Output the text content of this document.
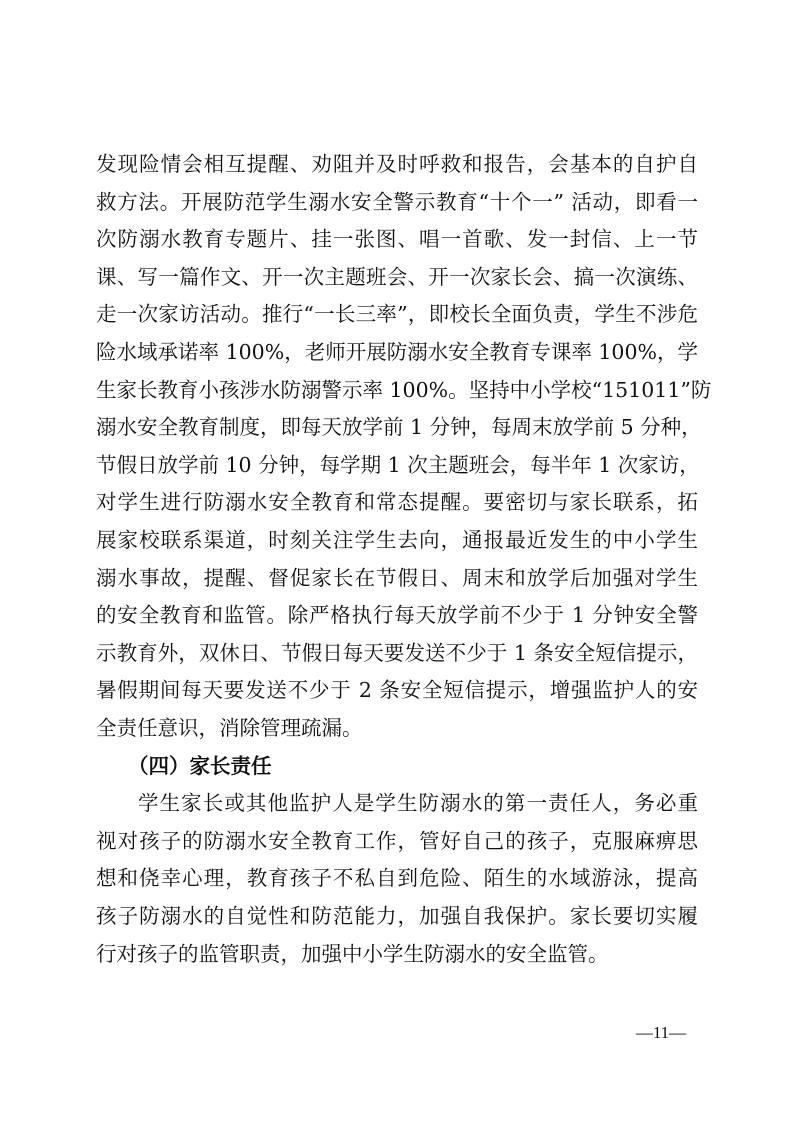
发现险情会相互提醒、劝阻并及时呼救和报告，会基本的自护自
救方法。开展防范学生溺水安全警示教育“十个一” 活动，即看一
次防溺水教育专题片、挂一张图、唱一首歌、发一封信、上一节
课、写一篇作文、开一次主题班会、开一次家长会、搞一次演练、
走一次家访活动。推行“一长三率”，即校长全面负责，学生不涉危
险水域承诺率 100%，老师开展防溺水安全教育专课率 100%，学
生家长教育小孩涉水防溺警示率 100%。坚持中小学校“151011”防
溺水安全教育制度，即每天放学前 1 分钟，每周末放学前 5 分种，
节假日放学前 10 分钟，每学期 1 次主题班会，每半年 1 次家访，
对学生进行防溺水安全教育和常态提醒。要密切与家长联系，拓
展家校联系渠道，时刻关注学生去向，通报最近发生的中小学生
溺水事故，提醒、督促家长在节假日、周末和放学后加强对学生
的安全教育和监管。除严格执行每天放学前不少于 1 分钟安全警
示教育外，双休日、节假日每天要发送不少于 1 条安全短信提示，
暑假期间每天要发送不少于 2 条安全短信提示，增强监护人的安
全责任意识，消除管理疏漏。
（四）家长责任
学生家长或其他监护人是学生防溺水的第一责任人，务必重
视对孩子的防溺水安全教育工作，管好自己的孩子，克服麻痹思
想和侥幸心理，教育孩子不私自到危险、陌生的水域游泳，提高
孩子防溺水的自觉性和防范能力，加强自我保护。家长要切实履
行对孩子的监管职责，加强中小学生防溺水的安全监管。
—11—
